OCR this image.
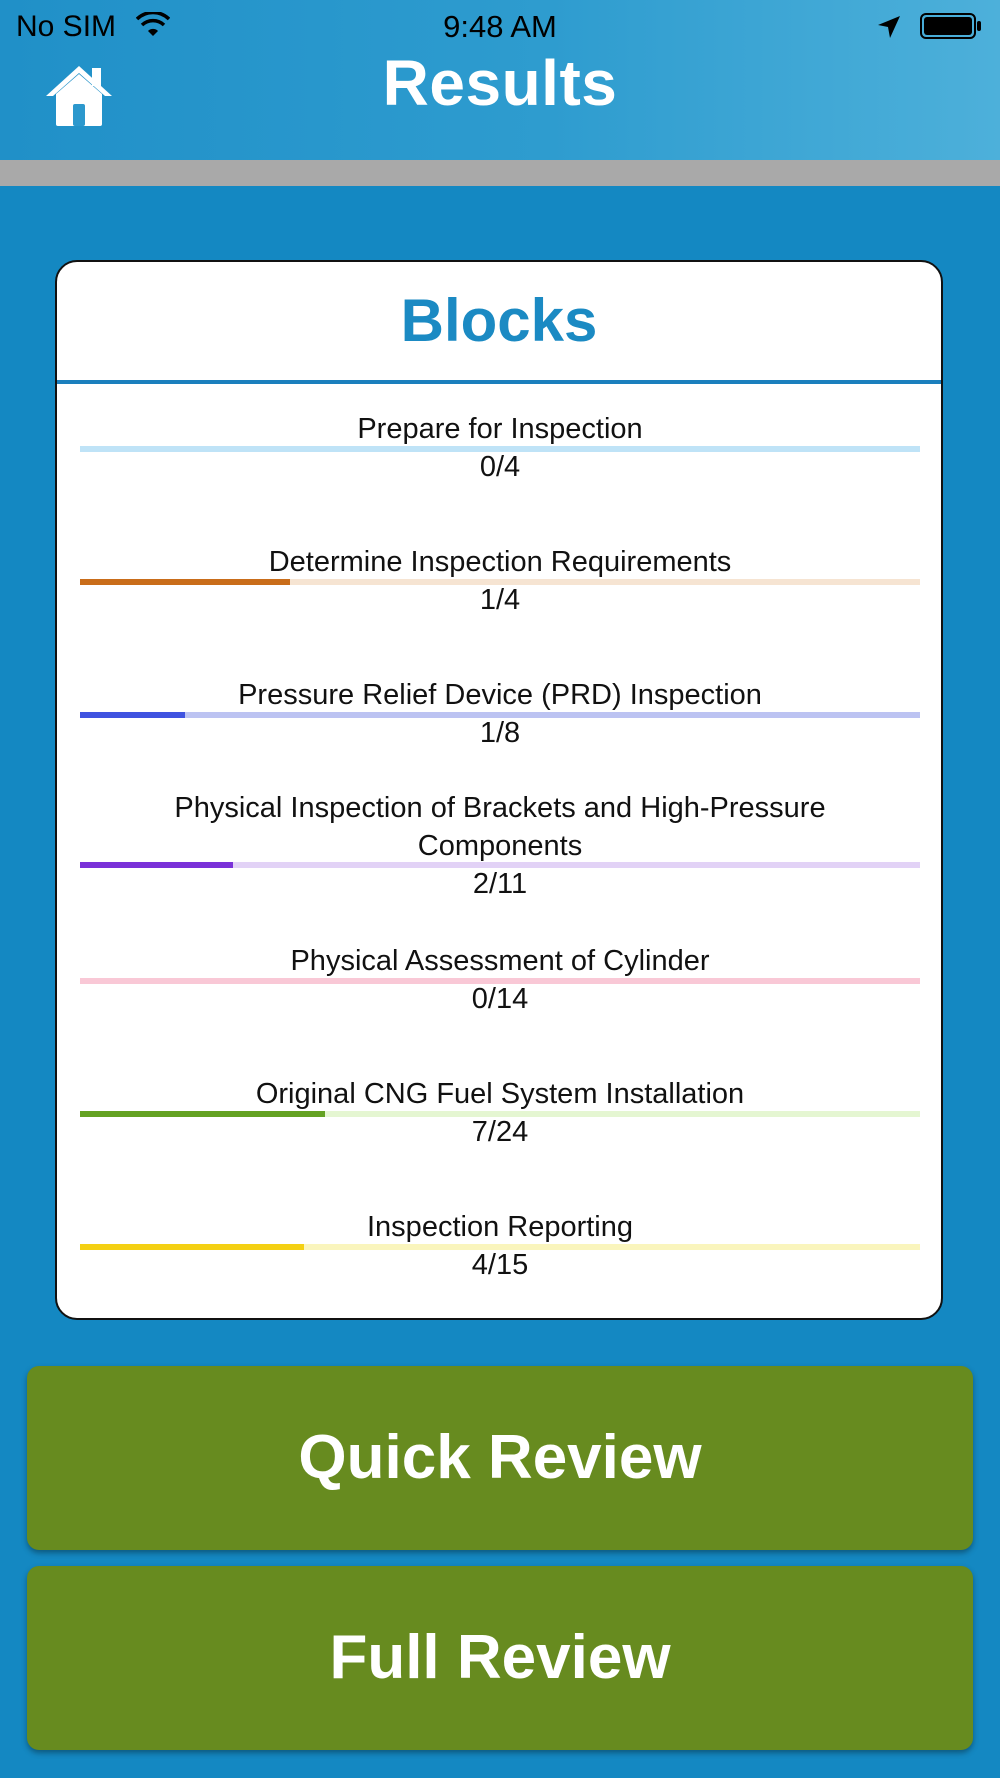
No SIM	9:48 AM
Results
Blocks
Prepare for Inspection
0/4
Determine Inspection Requirements
1/4
Pressure Relief Device (PRD) Inspection
1/8
Physical Inspection of Brackets and High-Pressure Components
2/11
Physical Assessment of Cylinder
0/14
Original CNG Fuel System Installation
7/24
Inspection Reporting
4/15
Quick Review
Full Review
